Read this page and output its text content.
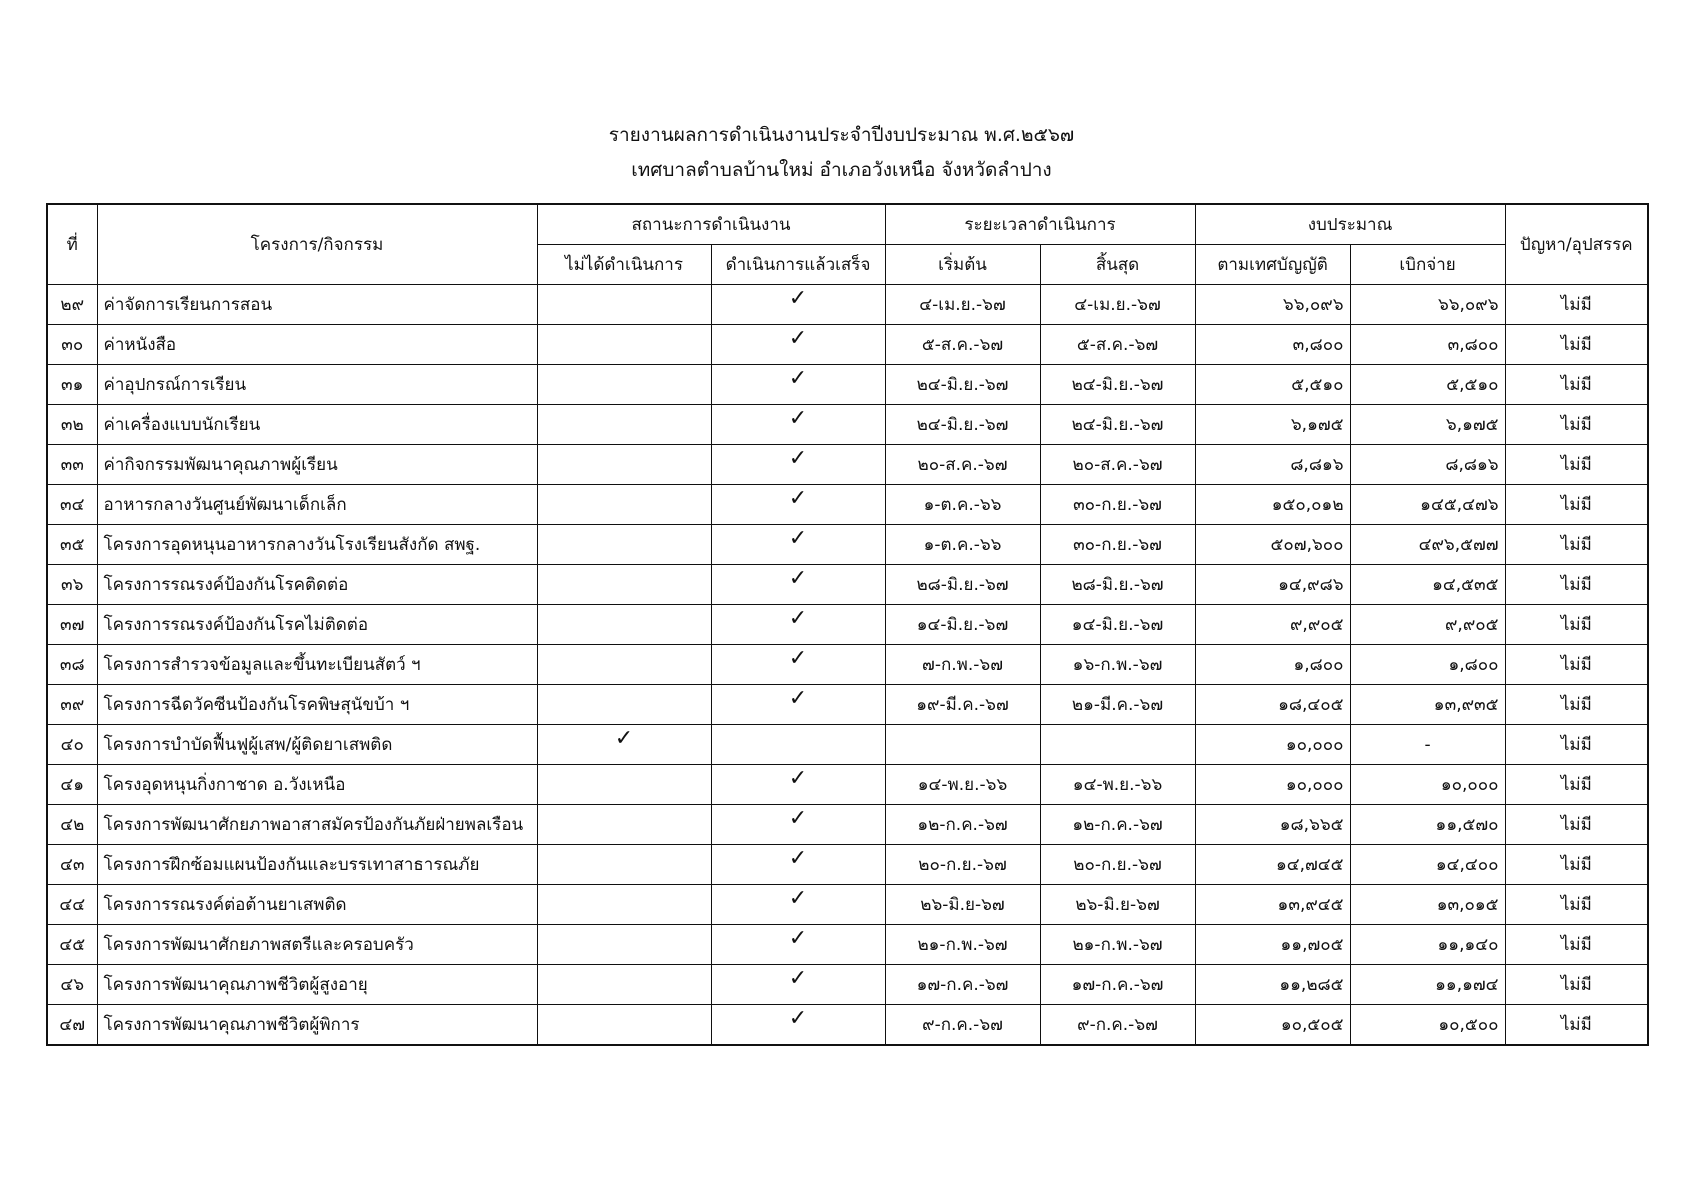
รายงานผลการดำเนินงานประจำปีงบประมาณ พ.ศ.๒๕๖๗
เทศบาลตำบลบ้านใหม่ อำเภอวังเหนือ จังหวัดลำปาง
ที่	โครงการ/กิจกรรม	สถานะการดำเนินงาน		ระยะเวลาดำเนินการ		งบประมาณ		ปัญหา/อุปสรรค
		ไม่ได้ดำเนินการ	ดำเนินการแล้วเสร็จ	เริ่มต้น	สิ้นสุด	ตามเทศบัญญัติ	เบิกจ่าย	
๒๙	ค่าจัดการเรียนการสอน		✓	๔-เม.ย.-๖๗	๔-เม.ย.-๖๗	๖๖,๐๙๖	๖๖,๐๙๖	ไม่มี
๓๐	ค่าหนังสือ		✓	๕-ส.ค.-๖๗	๕-ส.ค.-๖๗	๓,๘๐๐	๓,๘๐๐	ไม่มี
๓๑	ค่าอุปกรณ์การเรียน		✓	๒๔-มิ.ย.-๖๗	๒๔-มิ.ย.-๖๗	๕,๕๑๐	๕,๕๑๐	ไม่มี
๓๒	ค่าเครื่องแบบนักเรียน		✓	๒๔-มิ.ย.-๖๗	๒๔-มิ.ย.-๖๗	๖,๑๗๕	๖,๑๗๕	ไม่มี
๓๓	ค่ากิจกรรมพัฒนาคุณภาพผู้เรียน		✓	๒๐-ส.ค.-๖๗	๒๐-ส.ค.-๖๗	๘,๘๑๖	๘,๘๑๖	ไม่มี
๓๔	อาหารกลางวันศูนย์พัฒนาเด็กเล็ก		✓	๑-ต.ค.-๖๖	๓๐-ก.ย.-๖๗	๑๕๐,๐๑๒	๑๔๕,๔๗๖	ไม่มี
๓๕	โครงการอุดหนุนอาหารกลางวันโรงเรียนสังกัด สพฐ.		✓	๑-ต.ค.-๖๖	๓๐-ก.ย.-๖๗	๕๐๗,๖๐๐	๔๙๖,๕๗๗	ไม่มี
๓๖	โครงการรณรงค์ป้องกันโรคติดต่อ		✓	๒๘-มิ.ย.-๖๗	๒๘-มิ.ย.-๖๗	๑๔,๙๘๖	๑๔,๕๓๕	ไม่มี
๓๗	โครงการรณรงค์ป้องกันโรคไม่ติดต่อ		✓	๑๔-มิ.ย.-๖๗	๑๔-มิ.ย.-๖๗	๙,๙๐๕	๙,๙๐๕	ไม่มี
๓๘	โครงการสำรวจข้อมูลและขึ้นทะเบียนสัตว์ ฯ		✓	๗-ก.พ.-๖๗	๑๖-ก.พ.-๖๗	๑,๘๐๐	๑,๘๐๐	ไม่มี
๓๙	โครงการฉีดวัคซีนป้องกันโรคพิษสุนัขบ้า ฯ		✓	๑๙-มี.ค.-๖๗	๒๑-มี.ค.-๖๗	๑๘,๔๐๕	๑๓,๙๓๕	ไม่มี
๔๐	โครงการบำบัดฟื้นฟูผู้เสพ/ผู้ติดยาเสพติด	✓				๑๐,๐๐๐	-	ไม่มี
๔๑	โครงอุดหนุนกิ่งกาชาด อ.วังเหนือ		✓	๑๔-พ.ย.-๖๖	๑๔-พ.ย.-๖๖	๑๐,๐๐๐	๑๐,๐๐๐	ไม่มี
๔๒	โครงการพัฒนาศักยภาพอาสาสมัครป้องกันภัยฝ่ายพลเรือน		✓	๑๒-ก.ค.-๖๗	๑๒-ก.ค.-๖๗	๑๘,๖๖๕	๑๑,๕๗๐	ไม่มี
๔๓	โครงการฝึกซ้อมแผนป้องกันและบรรเทาสาธารณภัย		✓	๒๐-ก.ย.-๖๗	๒๐-ก.ย.-๖๗	๑๔,๗๔๕	๑๔,๔๐๐	ไม่มี
๔๔	โครงการรณรงค์ต่อต้านยาเสพติด		✓	๒๖-มิ.ย-๖๗	๒๖-มิ.ย-๖๗	๑๓,๙๔๕	๑๓,๐๑๕	ไม่มี
๔๕	โครงการพัฒนาศักยภาพสตรีและครอบครัว		✓	๒๑-ก.พ.-๖๗	๒๑-ก.พ.-๖๗	๑๑,๗๐๕	๑๑,๑๔๐	ไม่มี
๔๖	โครงการพัฒนาคุณภาพชีวิตผู้สูงอายุ		✓	๑๗-ก.ค.-๖๗	๑๗-ก.ค.-๖๗	๑๑,๒๘๕	๑๑,๑๗๔	ไม่มี
๔๗	โครงการพัฒนาคุณภาพชีวิตผู้พิการ		✓	๙-ก.ค.-๖๗	๙-ก.ค.-๖๗	๑๐,๕๐๕	๑๐,๕๐๐	ไม่มี
